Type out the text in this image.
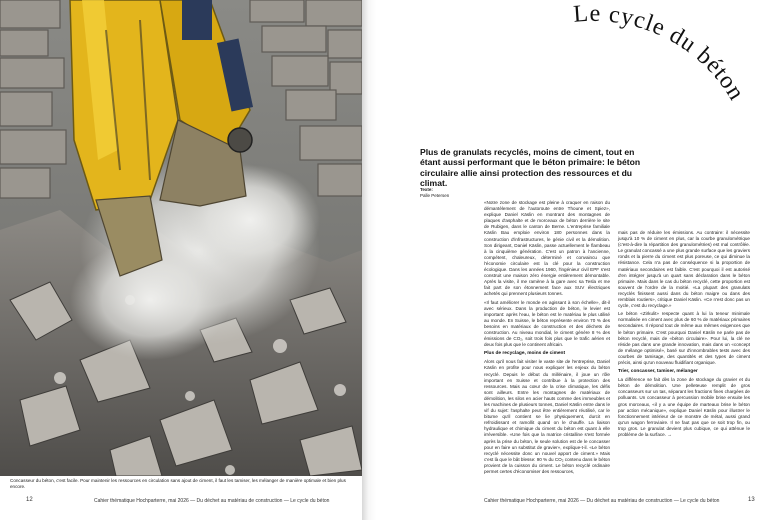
Concasseur du béton, c'est facile. Pour maintenir les ressources en circulation sans ajout de ciment, il faut les tamiser, les mélanger de manière optimale et bien plus encore.
12	Cahier thématique Hochparterre, mai 2026 — Du déchet au matériau de construction — Le cycle du béton
Le cycle du béton

Plus de granulats recyclés, moins de ciment, tout en étant aussi performant que le béton primaire: le béton circulaire allie ainsi protection des ressources et du climat.

Texte:
Palle Petersen

«Notre zone de stockage est pleine à craquer en raison du démantèlement de l'autoroute entre Thoune et Spiez», explique Daniel Käslin en montrant des montagnes de plaques d'asphalte et de morceaux de béton derrière le site de Rubigen, dans le canton de Berne. L'entreprise familiale Käslin Bau emploie environ 180 personnes dans la construction d'infrastructures, le génie civil et la démolition. Son dirigeant, Daniel Käslin, passe actuellement le flambeau à la cinquième génération. C'est un patron à l'ancienne, compétent, chaleureux, déterminé et convaincu que l'économie circulaire est la clé pour la construction écologique. Dans les années 1960, l'ingénieur civil EPF s'est construit une maison zéro énergie entièrement démontable. Après la visite, il me ramène à la gare avec sa Tesla et me fait part de son étonnement face aux SUV électriques achetés qui prennent plusieurs tonnes.

«Il faut améliorer le monde en agissant à son échelle», dit-il avec sérieux. Dans la production de béton, le levier est important: après l'eau, le béton est le matériau le plus utilisé au monde. En Suisse, le béton représente environ 70 % des besoins en matériaux de construction et des déchets de construction. Au niveau mondial, le ciment génère 8 % des émissions de CO₂, soit trois fois plus que le trafic aérien et deux fois plus que le continent africain.

Plus de recyclage, moins de ciment

Alors qu'il nous fait visiter le vaste site de l'entreprise, Daniel Käslin en profite pour nous expliquer les enjeux du béton recyclé. Depuis le début du millénaire, il joue un rôle important en Suisse et contribue à la protection des ressources. Mais au cœur de la crise climatique, les défis sont ailleurs. Entre les montagnes de matériaux de démolition, les silos en acier hauts comme des immeubles et les machines de plusieurs tonnes, Daniel Käslin entre dans le vif du sujet: l'asphalte peut être entièrement réutilisé, car le bitume qu'il contient se lie physiquement, durcit en refroidissant et ramollit quand on le chauffe. La liaison hydraulique et chimique du ciment du béton est quant à elle irréversible. «Une fois que la matrice cristalline s'est formée après la prise du béton, le seule solution est de le concasser pour en faire un substitut de gravier», explique-t-il. «Le béton recyclé nécessite donc un nouvel apport de ciment.» Mais c'est là que le bât blesse: 90 % du CO₂ contenu dans le béton provient de la cuisson du ciment. Le béton recyclé ordinaire permet certes d'économiser des ressources,

mais pas de réduire les émissions. Au contraire: il nécessite jusqu'à 10 % de ciment en plus, car la courbe granulométrique (c'est-à-dire la répartition des granulométries) est mal contrôlée. Le granulat concassé a une plus grande surface que les graviers ronds et la pierre du ciment est plus poreuse, ce qui diminue la résistance. Cela n'a pas de conséquence si la proportion de matériaux secondaires est faible. C'est pourquoi il est autorisé d'en intégrer jusqu'à un quart sans déclaration dans le béton primaire. Mais dans le cas du béton recyclé, cette proportion est souvent de l'ordre de la moitié. «La plupart des granulats recyclés finissent aussi dans du béton maigre ou dans des remblais routiers», critique Daniel Käslin. «Ce n'est donc pas un cycle, c'est du recyclage.»

Le béton «Zirkulit» respecte quant à lui la teneur minimale normalisée en ciment avec plus de 60 % de matériaux primaires secondaires. Il répond tout de même aux mêmes exigences que le béton primaire. C'est pourquoi Daniel Käslin ne parle pas de béton recyclé, mais de «béton circulaire». Pour lui, la clé ne réside pas dans une grande innovation, mais dans un «concept de mélange optimisé», basé sur d'innombrables tests avec des courbes de tamisage, des quantités et des types de ciment précis, ainsi qu'un nouveau fluidifiant organique.

Trier, concasser, tamiser, mélanger

La différence se fait dès la zone de stockage du gravier et du béton de démolition. Une pelleteuse remplit de gros concasseurs sur un tas, séparant les fractions fines chargées de polluants. Un concasseur à percussion mobile brise ensuite les gros morceaux, «il y a une équipe de marteaux brise le béton par action mécanique», explique Daniel Käslin pour illustrer le fonctionnement intérieur de ce monstre de métal, aussi grand qu'un wagon ferroviaire. Il ne faut pas que ce soit trop fin, ou trop gros. Le granulat devient plus cubique, ce qui atténue le problème de la surface. →

Cahier thématique Hochparterre, mai 2026 — Du déchet au matériau de construction — Le cycle du béton	13
